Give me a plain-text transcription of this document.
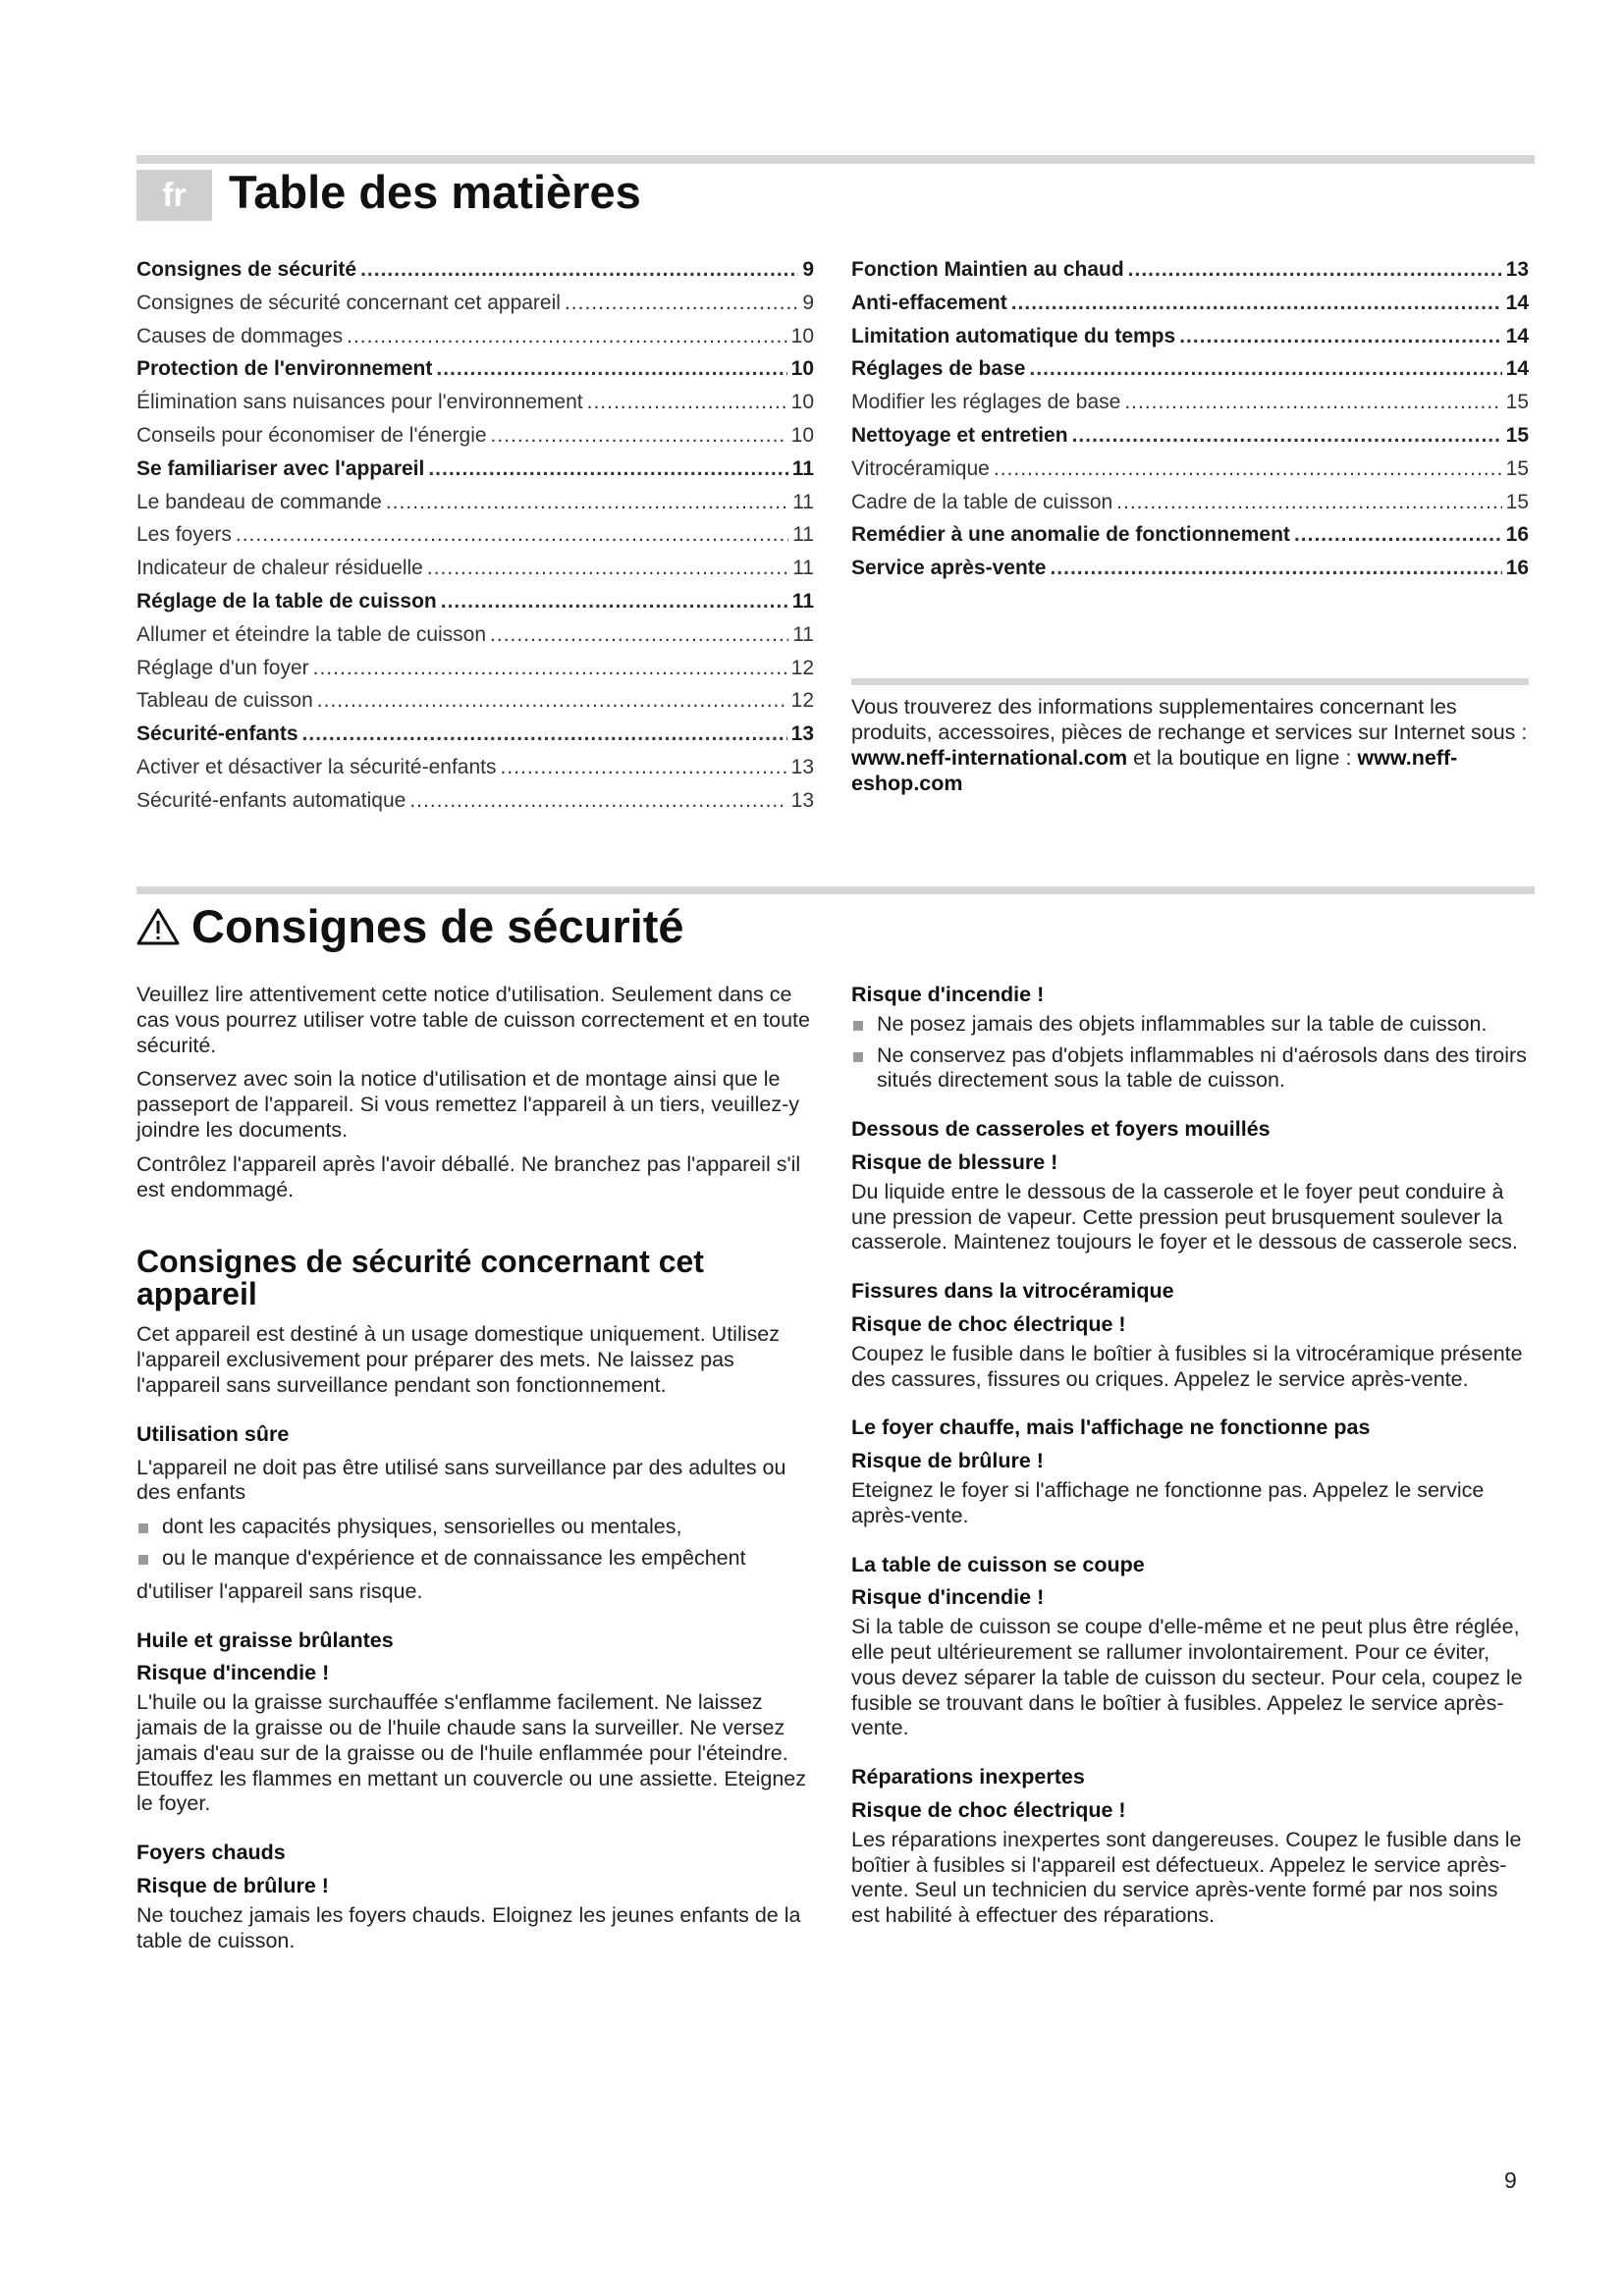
fr Table des matières
Consignes de sécurité .....	9
Consignes de sécurité concernant cet appareil .....	9
Causes de dommages .....	10
Protection de l'environnement .....	10
Élimination sans nuisances pour l'environnement .....	10
Conseils pour économiser de l'énergie .....	10
Se familiariser avec l'appareil .....	11
Le bandeau de commande .....	11
Les foyers .....	11
Indicateur de chaleur résiduelle .....	11
Réglage de la table de cuisson .....	11
Allumer et éteindre la table de cuisson .....	11
Réglage d'un foyer .....	12
Tableau de cuisson .....	12
Sécurité-enfants .....	13
Activer et désactiver la sécurité-enfants .....	13
Sécurité-enfants automatique .....	13
Fonction Maintien au chaud .....	13
Anti-effacement .....	14
Limitation automatique du temps .....	14
Réglages de base .....	14
Modifier les réglages de base .....	15
Nettoyage et entretien .....	15
Vitrocéramique .....	15
Cadre de la table de cuisson .....	15
Remédier à une anomalie de fonctionnement .....	16
Service après-vente .....	16

Vous trouverez des informations supplementaires concernant les produits, accessoires, pièces de rechange et services sur Internet sous : www.neff-international.com et la boutique en ligne : www.neff-eshop.com

Consignes de sécurité

Veuillez lire attentivement cette notice d'utilisation. Seulement dans ce cas vous pourrez utiliser votre table de cuisson correctement et en toute sécurité.

Conservez avec soin la notice d'utilisation et de montage ainsi que le passeport de l'appareil. Si vous remettez l'appareil à un tiers, veuillez-y joindre les documents.

Contrôlez l'appareil après l'avoir déballé. Ne branchez pas l'appareil s'il est endommagé.

Consignes de sécurité concernant cet appareil

Cet appareil est destiné à un usage domestique uniquement. Utilisez l'appareil exclusivement pour préparer des mets. Ne laissez pas l'appareil sans surveillance pendant son fonctionnement.

Utilisation sûre

L'appareil ne doit pas être utilisé sans surveillance par des adultes ou des enfants

dont les capacités physiques, sensorielles ou mentales,
ou le manque d'expérience et de connaissance les empêchent

d'utiliser l'appareil sans risque.

Huile et graisse brûlantes
Risque d'incendie !

L'huile ou la graisse surchauffée s'enflamme facilement. Ne laissez jamais de la graisse ou de l'huile chaude sans la surveiller. Ne versez jamais d'eau sur de la graisse ou de l'huile enflammée pour l'éteindre. Etouffez les flammes en mettant un couvercle ou une assiette. Eteignez le foyer.

Foyers chauds
Risque de brûlure !

Ne touchez jamais les foyers chauds. Eloignez les jeunes enfants de la table de cuisson.

Risque d'incendie !
Ne posez jamais des objets inflammables sur la table de cuisson.
Ne conservez pas d'objets inflammables ni d'aérosols dans des tiroirs situés directement sous la table de cuisson.
Dessous de casseroles et foyers mouillés
Risque de blessure !

Du liquide entre le dessous de la casserole et le foyer peut conduire à une pression de vapeur. Cette pression peut brusquement soulever la casserole. Maintenez toujours le foyer et le dessous de casserole secs.

Fissures dans la vitrocéramique
Risque de choc électrique !

Coupez le fusible dans le boîtier à fusibles si la vitrocéramique présente des cassures, fissures ou criques. Appelez le service après-vente.

Le foyer chauffe, mais l'affichage ne fonctionne pas
Risque de brûlure !

Eteignez le foyer si l'affichage ne fonctionne pas. Appelez le service après-vente.

La table de cuisson se coupe
Risque d'incendie !

Si la table de cuisson se coupe d'elle-même et ne peut plus être réglée, elle peut ultérieurement se rallumer involontairement. Pour ce éviter, vous devez séparer la table de cuisson du secteur. Pour cela, coupez le fusible se trouvant dans le boîtier à fusibles. Appelez le service après-vente.

Réparations inexpertes
Risque de choc électrique !

Les réparations inexpertes sont dangereuses. Coupez le fusible dans le boîtier à fusibles si l'appareil est défectueux. Appelez le service après-vente. Seul un technicien du service après-vente formé par nos soins est habilité à effectuer des réparations.

9
